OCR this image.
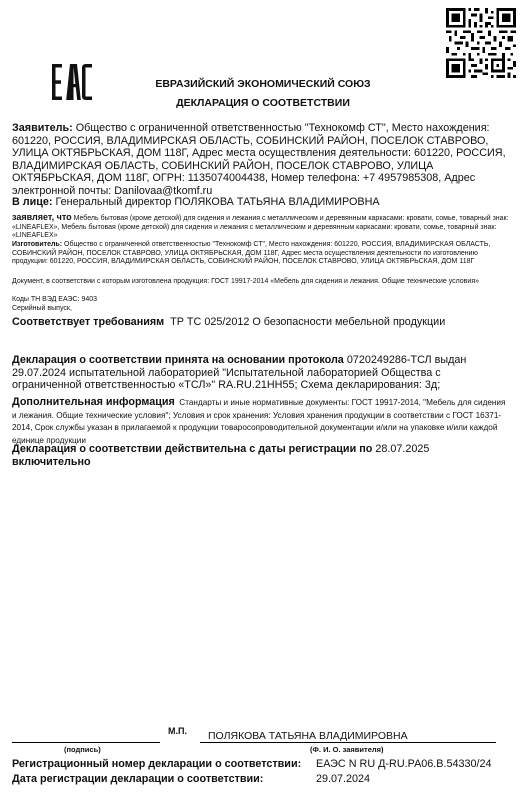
ЕВРАЗИЙСКИЙ ЭКОНОМИЧЕСКИЙ СОЮЗ
ДЕКЛАРАЦИЯ О СООТВЕТСТВИИ
Заявитель: Общество с ограниченной ответственностью "Технокомф СТ", Место нахождения: 601220, РОССИЯ, ВЛАДИМИРСКАЯ ОБЛАСТЬ, СОБИНСКИЙ РАЙОН, ПОСЕЛОК СТАВРОВО, УЛИЦА ОКТЯБРЬСКАЯ, ДОМ 118Г, Адрес места осуществления деятельности: 601220, РОССИЯ, ВЛАДИМИРСКАЯ ОБЛАСТЬ, СОБИНСКИЙ РАЙОН, ПОСЕЛОК СТАВРОВО, УЛИЦА ОКТЯБРЬСКАЯ, ДОМ 118Г, ОГРН: 1135074004438, Номер телефона: +7 4957985308, Адрес электронной почты: Danilovaa@tkomf.ru
В лице: Генеральный директор ПОЛЯКОВА ТАТЬЯНА ВЛАДИМИРОВНА
заявляет, что Мебель бытовая (кроме детской) для сидения и лежания с металлическим и деревянным каркасами: кровати, сомье, товарный знак: «LINEAFLEX», Мебель бытовая (кроме детской) для сидения и лежания с металлическим и деревянным каркасами: кровати, сомье, товарный знак: «LINEAFLEX»
Изготовитель: Общество с ограниченной ответственностью "Технокомф СТ", Место нахождения: 601220, РОССИЯ, ВЛАДИМИРСКАЯ ОБЛАСТЬ, СОБИНСКИЙ РАЙОН, ПОСЕЛОК СТАВРОВО, УЛИЦА ОКТЯБРЬСКАЯ, ДОМ 118Г, Адрес места осуществления деятельности по изготовлению продукции: 601220, РОССИЯ, ВЛАДИМИРСКАЯ ОБЛАСТЬ, СОБИНСКИЙ РАЙОН, ПОСЕЛОК СТАВРОВО, УЛИЦА ОКТЯБРЬСКАЯ, ДОМ 118Г
Документ, в соответствии с которым изготовлена продукция: ГОСТ 19917-2014 «Мебель для сидения и лежания. Общие технические условия»
Коды ТН ВЭД ЕАЭС: 9403
Серийный выпуск,
Соответствует требованиям ТР ТС 025/2012 О безопасности мебельной продукции
Декларация о соответствии принята на основании протокола 0720249286-ТСЛ выдан 29.07.2024 испытательной лабораторией "Испытательной лабораторией Общества с ограниченной ответственностью «ТСЛ»" RA.RU.21НН55; Схема декларирования: 3д;
Дополнительная информация Стандарты и иные нормативные документы: ГОСТ 19917-2014, "Мебель для сидения и лежания. Общие технические условия"; Условия и срок хранения: Условия хранения продукции в соответствии с ГОСТ 16371-2014, Срок службы указан в прилагаемой к продукции товаросопроводительной документации и/или на упаковке и/или каждой единице продукции
Декларация о соответствии действительна с даты регистрации по 28.07.2025
включительно
М.П. ПОЛЯКОВА ТАТЬЯНА ВЛАДИМИРОВНА
(подпись)	(Ф. И. О. заявителя)
Регистрационный номер декларации о соответствии: ЕАЭС N RU Д-RU.РА06.В.54330/24
Дата регистрации декларации о соответствии:	29.07.2024
